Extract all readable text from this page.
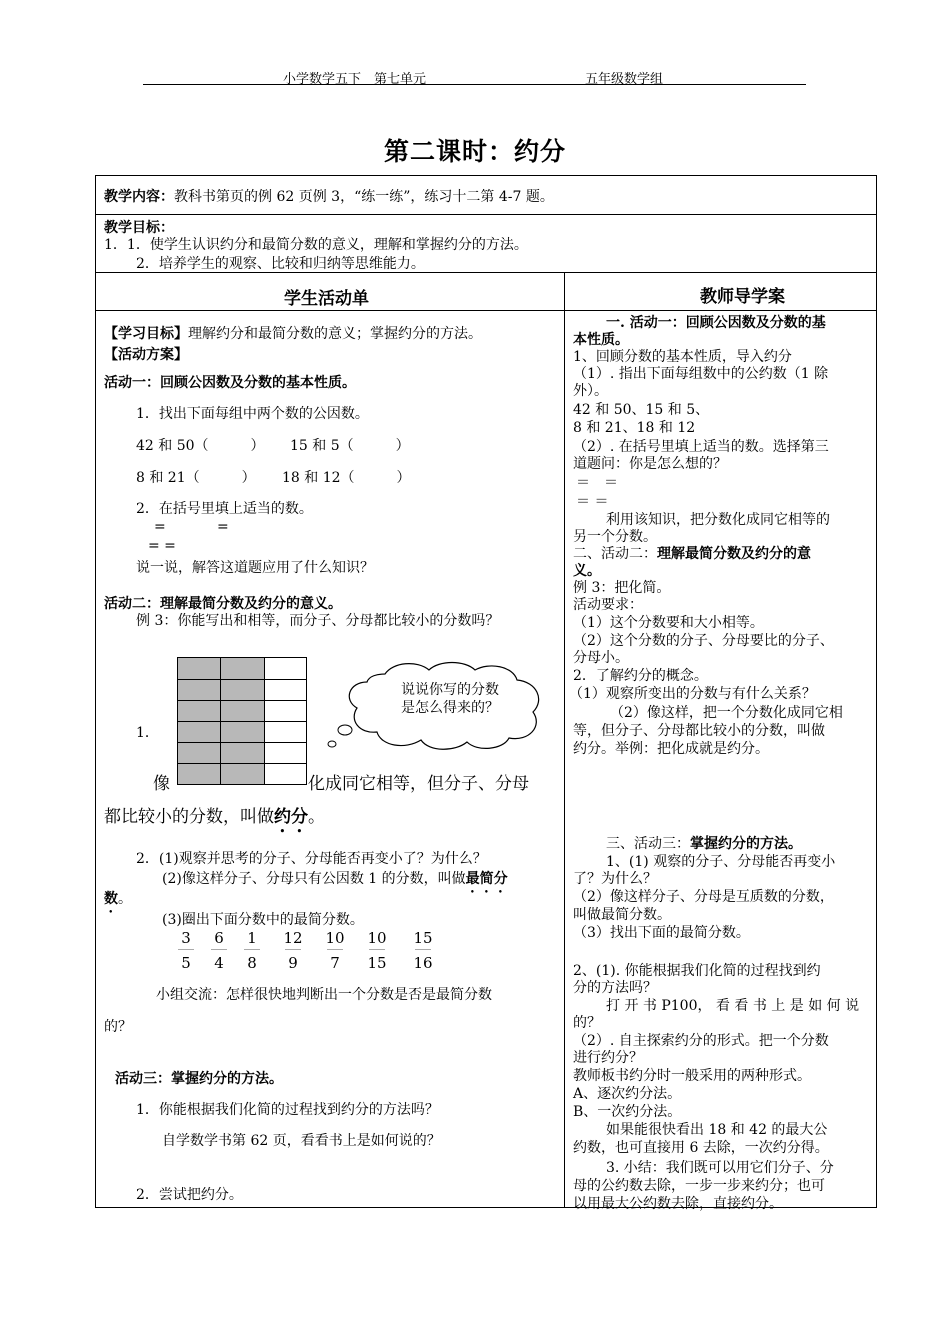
小学数学五下　第七单元	五年级数学组
第二课时：约分
学生活动单	教师导学案
教学内容：教科书第页的例 62 页例 3，“练一练”，练习十二第 4-7 题。
教学目标：
1．1．使学生认识约分和最简分数的意义，理解和掌握约分的方法。
2．培养学生的观察、比较和归纳等思维能力。
【学习目标】理解约分和最简分数的意义；掌握约分的方法。
【活动方案】
活动一：回顾公因数及分数的基本性质。
1．找出下面每组中两个数的公因数。
42 和 50（　　　） 15 和 5（　　　）
8 和 21（　　　） 18 和 12（　　　）
2．在括号里填上适当的数。
=	=
= =
说一说，解答这道题应用了什么知识？
活动二：理解最简分数及约分的意义。
例 3：你能写出和相等，而分子、分母都比较小的分数吗？
说说你写的分数
是怎么得来的？
1．
像	化成同它相等，但分子、分母
都比较小的分数，叫做约分。
2．(1)观察并思考的分子、分母能否再变小了？为什么？
(2)像这样分子、分母只有公因数 1 的分数，叫做最简分
数。
(3)圈出下面分数中的最简分数。
3
5
6
4
1
8
12
9
10
7
10
15
15
16
小组交流：怎样很快地判断出一个分数是否是最简分数
的？
活动三：掌握约分的方法。
1．你能根据我们化简的过程找到约分的方法吗？
自学数学书第 62 页，看看书上是如何说的？
2．尝试把约分。
一. 活动一：回顾公因数及分数的基
本性质。
1、回顾分数的基本性质，导入约分
（1）. 指出下面每组数中的公约数（1 除
外）。
42 和 50、15 和 5、
8 和 21、18 和 12
（2）. 在括号里填上适当的数。选择第三
道题问：你是怎么想的？
＝　＝
＝ ＝
利用该知识，把分数化成同它相等的
另一个分数。
二、活动二：理解最简分数及约分的意
义。
例 3：把化简。
活动要求：
（1）这个分数要和大小相等。
（2）这个分数的分子、分母要比的分子、
分母小。
2．了解约分的概念。
（1）观察所变出的分数与有什么关系？
（2）像这样，把一个分数化成同它相
等，但分子、分母都比较小的分数，叫做
约分。举例：把化成就是约分。
三、活动三：掌握约分的方法。
1、(1) 观察的分子、分母能否再变小
了？为什么？
（2）像这样分子、分母是互质数的分数，
叫做最简分数。
（3）找出下面的最简分数。
2、(1). 你能根据我们化简的过程找到约
分的方法吗？
打 开 书 P100， 看 看 书 上 是 如 何 说
的？
（2）. 自主探索约分的形式。把一个分数
进行约分？
教师板书约分时一般采用的两种形式。
A、逐次约分法。
B、一次约分法。
如果能很快看出 18 和 42 的最大公
约数，也可直接用 6 去除，一次约分得。
3. 小结：我们既可以用它们分子、分
母的公约数去除，一步一步来约分；也可
以用最大公约数去除，直接约分。
